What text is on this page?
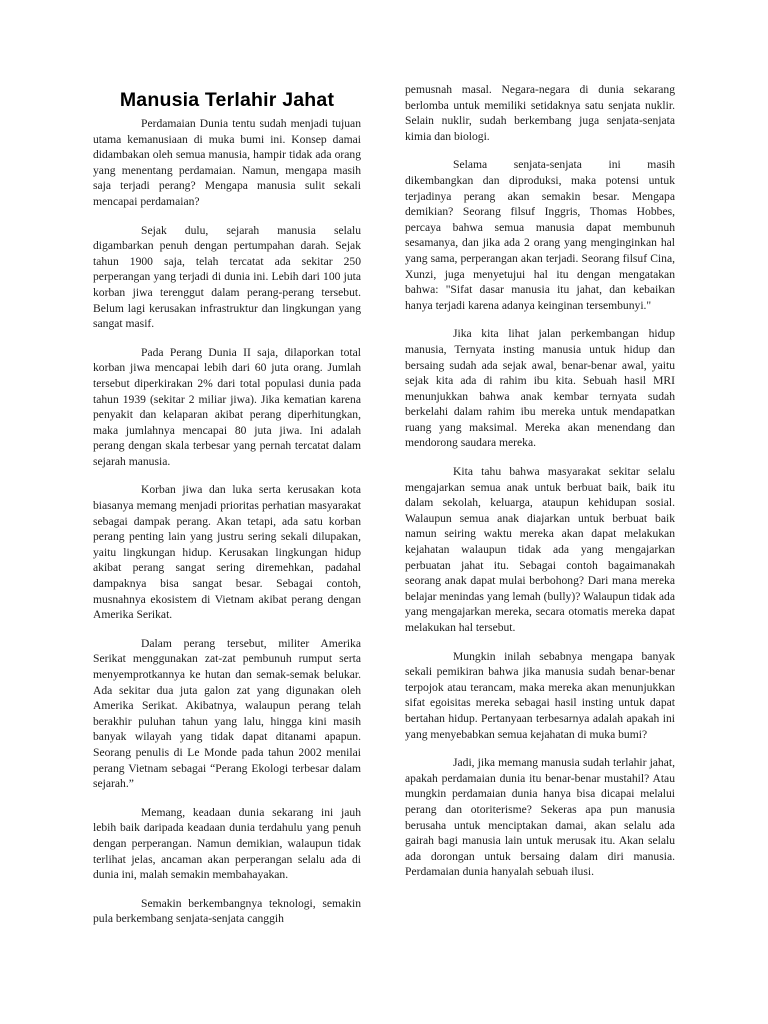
Manusia Terlahir Jahat

Perdamaian Dunia tentu sudah menjadi tujuan utama kemanusiaan di muka bumi ini. Konsep damai didambakan oleh semua manusia, hampir tidak ada orang yang menentang perdamaian. Namun, mengapa masih saja terjadi perang? Mengapa manusia sulit sekali mencapai perdamaian?

Sejak dulu, sejarah manusia selalu digambarkan penuh dengan pertumpahan darah. Sejak tahun 1900 saja, telah tercatat ada sekitar 250 perperangan yang terjadi di dunia ini. Lebih dari 100 juta korban jiwa terenggut dalam perang-perang tersebut. Belum lagi kerusakan infrastruktur dan lingkungan yang sangat masif.

Pada Perang Dunia II saja, dilaporkan total korban jiwa mencapai lebih dari 60 juta orang. Jumlah tersebut diperkirakan 2% dari total populasi dunia pada tahun 1939 (sekitar 2 miliar jiwa). Jika kematian karena penyakit dan kelaparan akibat perang diperhitungkan, maka jumlahnya mencapai 80 juta jiwa. Ini adalah perang dengan skala terbesar yang pernah tercatat dalam sejarah manusia.

Korban jiwa dan luka serta kerusakan kota biasanya memang menjadi prioritas perhatian masyarakat sebagai dampak perang. Akan tetapi, ada satu korban perang penting lain yang justru sering sekali dilupakan, yaitu lingkungan hidup. Kerusakan lingkungan hidup akibat perang sangat sering diremehkan, padahal dampaknya bisa sangat besar. Sebagai contoh, musnahnya ekosistem di Vietnam akibat perang dengan Amerika Serikat.

Dalam perang tersebut, militer Amerika Serikat menggunakan zat-zat pembunuh rumput serta menyemprotkannya ke hutan dan semak-semak belukar. Ada sekitar dua juta galon zat yang digunakan oleh Amerika Serikat. Akibatnya, walaupun perang telah berakhir puluhan tahun yang lalu, hingga kini masih banyak wilayah yang tidak dapat ditanami apapun. Seorang penulis di Le Monde pada tahun 2002 menilai perang Vietnam sebagai “Perang Ekologi terbesar dalam sejarah.”

Memang, keadaan dunia sekarang ini jauh lebih baik daripada keadaan dunia terdahulu yang penuh dengan perperangan. Namun demikian, walaupun tidak terlihat jelas, ancaman akan perperangan selalu ada di dunia ini, malah semakin membahayakan.

Semakin berkembangnya teknologi, semakin pula berkembang senjata-senjata canggih

pemusnah masal. Negara-negara di dunia sekarang berlomba untuk memiliki setidaknya satu senjata nuklir. Selain nuklir, sudah berkembang juga senjata-senjata kimia dan biologi.

Selama senjata-senjata ini masih dikembangkan dan diproduksi, maka potensi untuk terjadinya perang akan semakin besar. Mengapa demikian? Seorang filsuf Inggris, Thomas Hobbes, percaya bahwa semua manusia dapat membunuh sesamanya, dan jika ada 2 orang yang menginginkan hal yang sama, perperangan akan terjadi. Seorang filsuf Cina, Xunzi, juga menyetujui hal itu dengan mengatakan bahwa: "Sifat dasar manusia itu jahat, dan kebaikan hanya terjadi karena adanya keinginan tersembunyi."

Jika kita lihat jalan perkembangan hidup manusia, Ternyata insting manusia untuk hidup dan bersaing sudah ada sejak awal, benar-benar awal, yaitu sejak kita ada di rahim ibu kita. Sebuah hasil MRI menunjukkan bahwa anak kembar ternyata sudah berkelahi dalam rahim ibu mereka untuk mendapatkan ruang yang maksimal. Mereka akan menendang dan mendorong saudara mereka.

Kita tahu bahwa masyarakat sekitar selalu mengajarkan semua anak untuk berbuat baik, baik itu dalam sekolah, keluarga, ataupun kehidupan sosial. Walaupun semua anak diajarkan untuk berbuat baik namun seiring waktu mereka akan dapat melakukan kejahatan walaupun tidak ada yang mengajarkan perbuatan jahat itu. Sebagai contoh bagaimanakah seorang anak dapat mulai berbohong? Dari mana mereka belajar menindas yang lemah (bully)? Walaupun tidak ada yang mengajarkan mereka, secara otomatis mereka dapat melakukan hal tersebut.

Mungkin inilah sebabnya mengapa banyak sekali pemikiran bahwa jika manusia sudah benar-benar terpojok atau terancam, maka mereka akan menunjukkan sifat egoisitas mereka sebagai hasil insting untuk dapat bertahan hidup. Pertanyaan terbesarnya adalah apakah ini yang menyebabkan semua kejahatan di muka bumi?

Jadi, jika memang manusia sudah terlahir jahat, apakah perdamaian dunia itu benar-benar mustahil? Atau mungkin perdamaian dunia hanya bisa dicapai melalui perang dan otoriterisme? Sekeras apa pun manusia berusaha untuk menciptakan damai, akan selalu ada gairah bagi manusia lain untuk merusak itu. Akan selalu ada dorongan untuk bersaing dalam diri manusia. Perdamaian dunia hanyalah sebuah ilusi.
